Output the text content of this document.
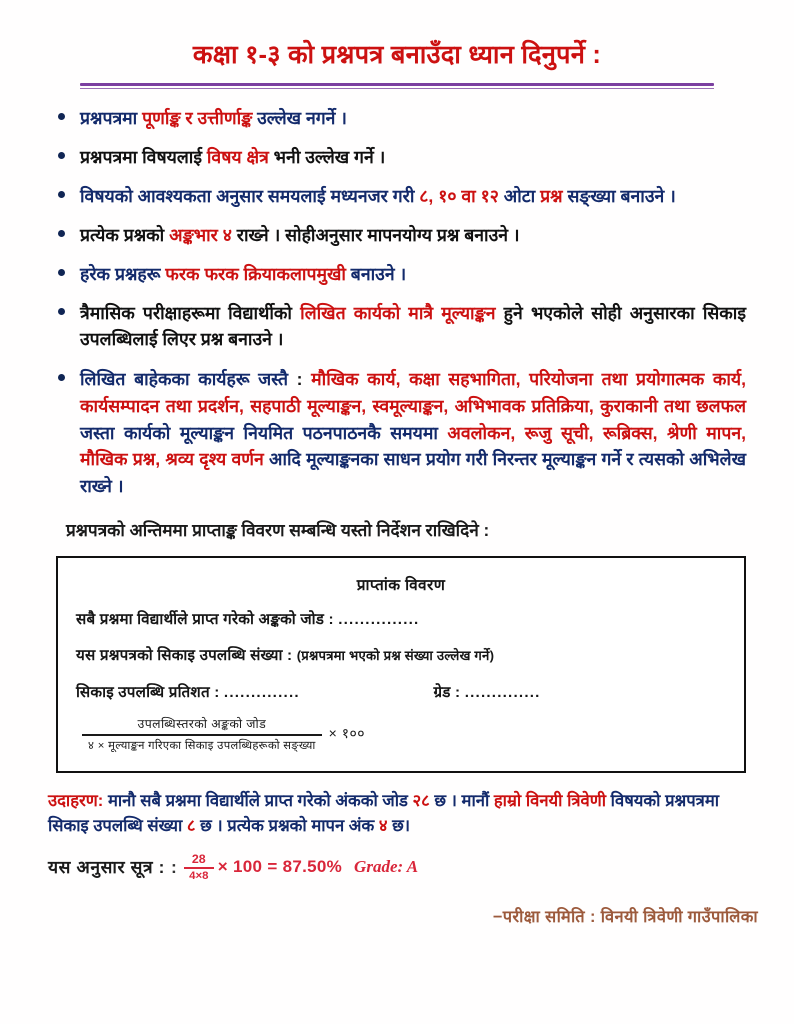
कक्षा १-३ को प्रश्नपत्र बनाउँदा ध्यान दिनुपर्ने :
प्रश्नपत्रमा पूर्णाङ्क र उत्तीर्णाङ्क उल्लेख नगर्ने ।
प्रश्नपत्रमा विषयलाई विषय क्षेत्र भनी उल्लेख गर्ने ।
विषयको आवश्यकता अनुसार समयलाई मध्यनजर गरी ८, १० वा १२ ओटा प्रश्न सङ्ख्या बनाउने ।
प्रत्येक प्रश्नको अङ्कभार ४ राख्ने । सोहीअनुसार मापनयोग्य प्रश्न बनाउने ।
हरेक प्रश्नहरू फरक फरक क्रियाकलापमुखी बनाउने ।
त्रैमासिक परीक्षाहरूमा विद्यार्थीको लिखित कार्यको मात्रै मूल्याङ्कन हुने भएकोले सोही अनुसारका सिकाइ उपलब्धिलाई लिएर प्रश्न बनाउने ।
लिखित बाहेकका कार्यहरू जस्तै : मौखिक कार्य, कक्षा सहभागिता, परियोजना तथा प्रयोगात्मक कार्य, कार्यसम्पादन तथा प्रदर्शन, सहपाठी मूल्याङ्कन, स्वमूल्याङ्कन, अभिभावक प्रतिक्रिया, कुराकानी तथा छलफल जस्ता कार्यको मूल्याङ्कन नियमित पठनपाठनकै समयमा अवलोकन, रूजु सूची, रूब्रिक्स, श्रेणी मापन, मौखिक प्रश्न, श्रव्य दृश्य वर्णन आदि मूल्याङ्कनका साधन प्रयोग गरी निरन्तर मूल्याङ्कन गर्ने र त्यसको अभिलेख राख्ने ।
प्रश्नपत्रको अन्तिममा प्राप्ताङ्क विवरण सम्बन्धि यस्तो निर्देशन राखिदिने :
प्राप्तांक विवरण
सबै प्रश्नमा विद्यार्थीले प्राप्त गरेको अङ्कको जोड : ...............
यस प्रश्नपत्रको सिकाइ उपलब्धि संख्या : (प्रश्नपत्रमा भएको प्रश्न संख्या उल्लेख गर्ने)
सिकाइ उपलब्धि प्रतिशत : ..............	ग्रेड : ..............
$\frac{\text{उपलब्धिस्तरको अङ्कको जोड}}{\text{४ × मूल्याङ्कन गरिएका सिकाइ उपलब्धिहरूको सङ्ख्या}}$ × १००
उदाहरण: मानौ सबै प्रश्नमा विद्यार्थीले प्राप्त गरेको अंकको जोड २८ छ । मानौं हाम्रो विनयी त्रिवेणी विषयको प्रश्नपत्रमा सिकाइ उपलब्धि संख्या ८ छ । प्रत्येक प्रश्नको मापन अंक ४ छ।
यस अनुसार सूत्र : : 28
4×8 × 100 = 87.50% Grade: A
−परीक्षा समिति : विनयी त्रिवेणी गाउँपालिका
